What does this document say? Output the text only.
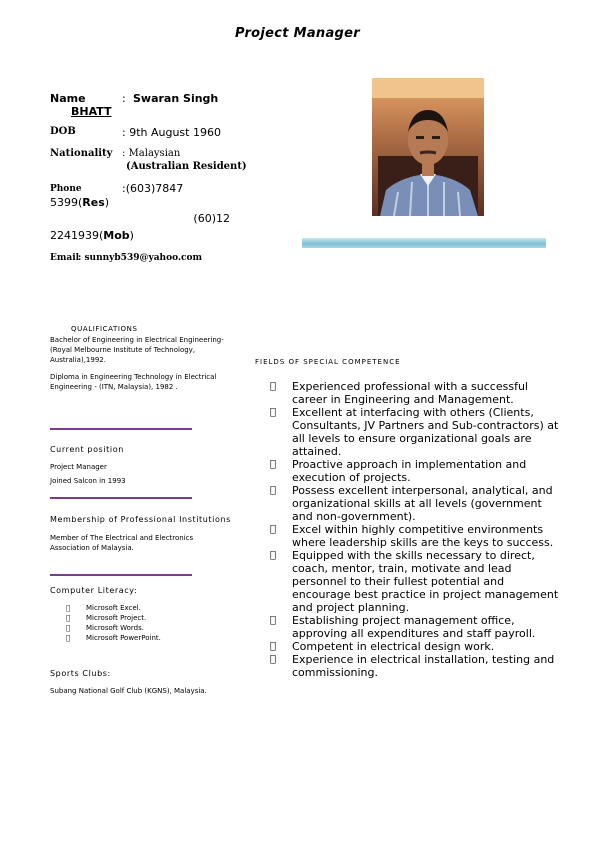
Project Manager
Name	: Swaran Singh
BHATT
DOB	: 9th August 1960
Nationality : Malaysian
(Australian Resident)
Phone	:(603)7847
5399(Res)
(60)12
2241939(Mob)
Email
: sunnyb539@yahoo.com
QUALIFICATIONS
Bachelor of Engineering in Electrical Engineering-(Royal Melbourne Institute of Technology, Australia),1992.
Diploma in Engineering Technology in Electrical Engineering - (ITN, Malaysia), 1982 .
Current position
Project Manager
Joined Salcon in 1993
Membership of Professional Institutions
Member of The Electrical and Electronics Association of Malaysia.
Computer Literacy:
Microsoft Excel.
Microsoft Project.
Microsoft Words.
Microsoft PowerPoint.
Sports Clubs:
Subang National Golf Club (KGNS), Malaysia.
FIELDS OF SPECIAL COMPETENCE
Experienced professional with a successful career in Engineering and Management.
Excellent at interfacing with others (Clients, Consultants, JV Partners and Sub-contractors) at all levels to ensure organizational goals are attained.
Proactive approach in implementation and execution of projects.
Possess excellent interpersonal, analytical, and organizational skills at all levels (government and non-government).
Excel within highly competitive environments where leadership skills are the keys to success.
Equipped with the skills necessary to direct, coach, mentor, train, motivate and lead personnel to their fullest potential and encourage best practice in project management and project planning.
Establishing project management office, approving all expenditures and staff payroll.
Competent in electrical design work.
Experience in electrical installation, testing and commissioning.
